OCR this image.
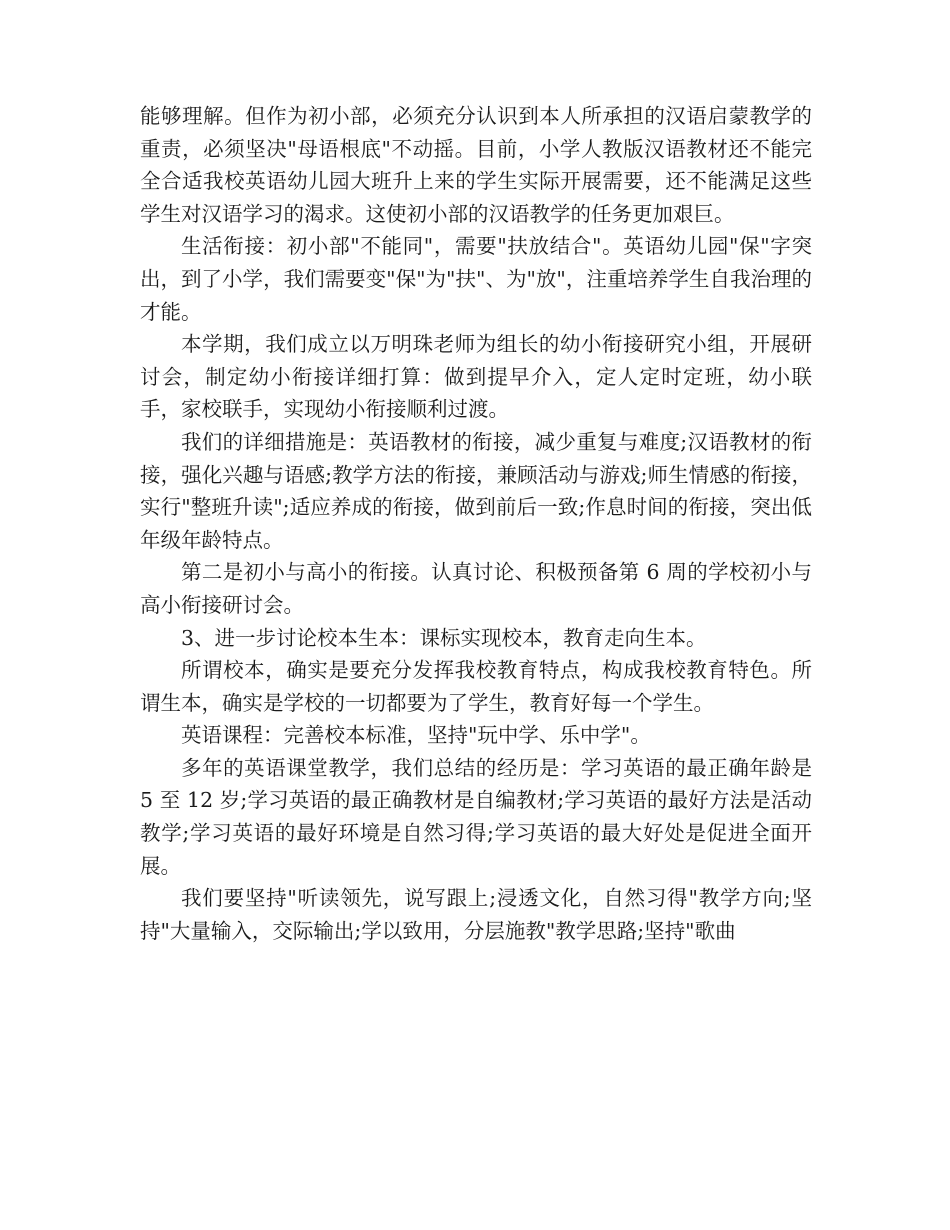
能够理解。但作为初小部，必须充分认识到本人所承担的汉语启蒙教学的重责，必须坚决"母语根底"不动摇。目前，小学人教版汉语教材还不能完全合适我校英语幼儿园大班升上来的学生实际开展需要，还不能满足这些学生对汉语学习的渴求。这使初小部的汉语教学的任务更加艰巨。

生活衔接：初小部"不能同"，需要"扶放结合"。英语幼儿园"保"字突出，到了小学，我们需要变"保"为"扶"、为"放"，注重培养学生自我治理的才能。

本学期，我们成立以万明珠老师为组长的幼小衔接研究小组，开展研讨会，制定幼小衔接详细打算：做到提早介入，定人定时定班，幼小联手，家校联手，实现幼小衔接顺利过渡。

我们的详细措施是：英语教材的衔接，减少重复与难度;汉语教材的衔接，强化兴趣与语感;教学方法的衔接，兼顾活动与游戏;师生情感的衔接，实行"整班升读";适应养成的衔接，做到前后一致;作息时间的衔接，突出低年级年龄特点。

第二是初小与高小的衔接。认真讨论、积极预备第 6 周的学校初小与高小衔接研讨会。

3、进一步讨论校本生本：课标实现校本，教育走向生本。

所谓校本，确实是要充分发挥我校教育特点，构成我校教育特色。所谓生本，确实是学校的一切都要为了学生，教育好每一个学生。

英语课程：完善校本标准，坚持"玩中学、乐中学"。

多年的英语课堂教学，我们总结的经历是：学习英语的最正确年龄是 5 至 12 岁;学习英语的最正确教材是自编教材;学习英语的最好方法是活动教学;学习英语的最好环境是自然习得;学习英语的最大好处是促进全面开展。

我们要坚持"听读领先，说写跟上;浸透文化，自然习得"教学方向;坚持"大量输入，交际输出;学以致用，分层施教"教学思路;坚持"歌曲
